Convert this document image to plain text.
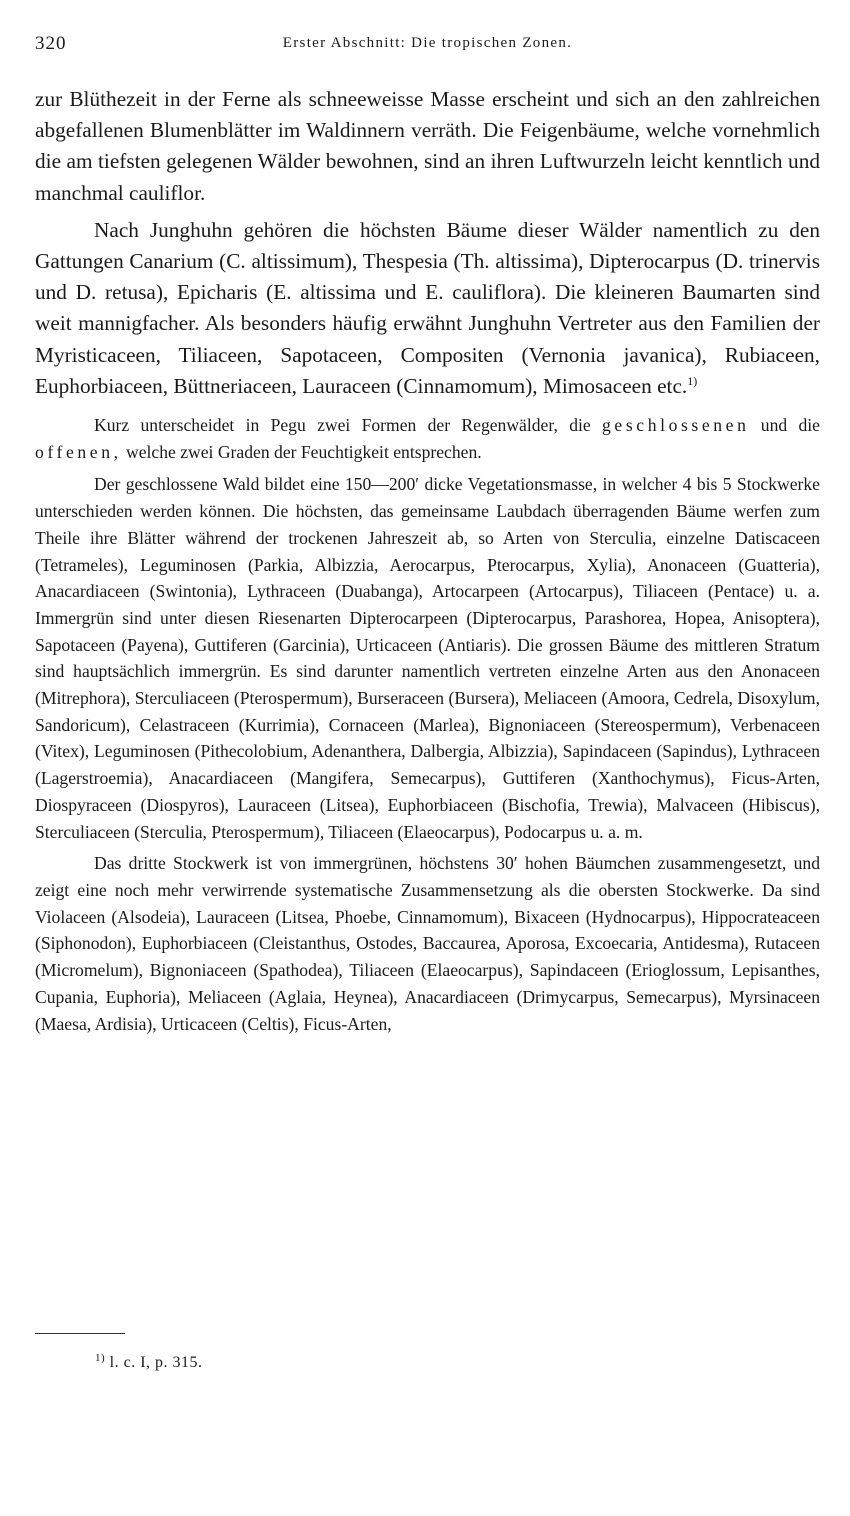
320	Erster Abschnitt: Die tropischen Zonen.

zur Blüthezeit in der Ferne als schneeweisse Masse erscheint und sich an den zahlreichen abgefallenen Blumenblätter im Waldinnern verräth. Die Feigenbäume, welche vornehmlich die am tiefsten gelegenen Wälder bewohnen, sind an ihren Luftwurzeln leicht kenntlich und manchmal cauliflor.

Nach Junghuhn gehören die höchsten Bäume dieser Wälder namentlich zu den Gattungen Canarium (C. altissimum), Thespesia (Th. altissima), Dipterocarpus (D. trinervis und D. retusa), Epicharis (E. altissima und E. cauliflora). Die kleineren Baumarten sind weit mannigfacher. Als besonders häufig erwähnt Junghuhn Vertreter aus den Familien der Myristicaceen, Tiliaceen, Sapotaceen, Compositen (Vernonia javanica), Rubiaceen, Euphorbiaceen, Büttneriaceen, Lauraceen (Cinnamomum), Mimosaceen etc.$^{1)}$

Kurz unterscheidet in Pegu zwei Formen der Regenwälder, die geschlossenen und die offenen, welche zwei Graden der Feuchtigkeit entsprechen.

Der geschlossene Wald bildet eine 150—200′ dicke Vegetationsmasse, in welcher 4 bis 5 Stockwerke unterschieden werden können. Die höchsten, das gemeinsame Laubdach überragenden Bäume werfen zum Theile ihre Blätter während der trockenen Jahreszeit ab, so Arten von Sterculia, einzelne Datiscaceen (Tetrameles), Leguminosen (Parkia, Albizzia, Aerocarpus, Pterocarpus, Xylia), Anonaceen (Guatteria), Anacardiaceen (Swintonia), Lythraceen (Duabanga), Artocarpeen (Artocarpus), Tiliaceen (Pentace) u. a. Immergrün sind unter diesen Riesenarten Dipterocarpeen (Dipterocarpus, Parashorea, Hopea, Anisoptera), Sapotaceen (Payena), Guttiferen (Garcinia), Urticaceen (Antiaris). Die grossen Bäume des mittleren Stratum sind hauptsächlich immergrün. Es sind darunter namentlich vertreten einzelne Arten aus den Anonaceen (Mitrephora), Sterculiaceen (Pterospermum), Burseraceen (Bursera), Meliaceen (Amoora, Cedrela, Disoxylum, Sandoricum), Celastraceen (Kurrimia), Cornaceen (Marlea), Bignoniaceen (Stereospermum), Verbenaceen (Vitex), Leguminosen (Pithecolobium, Adenanthera, Dalbergia, Albizzia), Sapindaceen (Sapindus), Lythraceen (Lagerstroemia), Anacardiaceen (Mangifera, Semecarpus), Guttiferen (Xanthochymus), Ficus-Arten, Diospyraceen (Diospyros), Lauraceen (Litsea), Euphorbiaceen (Bischofia, Trewia), Malvaceen (Hibiscus), Sterculiaceen (Sterculia, Pterospermum), Tiliaceen (Elaeocarpus), Podocarpus u. a. m.

Das dritte Stockwerk ist von immergrünen, höchstens 30′ hohen Bäumchen zusammengesetzt, und zeigt eine noch mehr verwirrende systematische Zusammensetzung als die obersten Stockwerke. Da sind Violaceen (Alsodeia), Lauraceen (Litsea, Phoebe, Cinnamomum), Bixaceen (Hydnocarpus), Hippocrateaceen (Siphonodon), Euphorbiaceen (Cleistanthus, Ostodes, Baccaurea, Aporosa, Excoecaria, Antidesma), Rutaceen (Micromelum), Bignoniaceen (Spathodea), Tiliaceen (Elaeocarpus), Sapindaceen (Erioglossum, Lepisanthes, Cupania, Euphoria), Meliaceen (Aglaia, Heynea), Anacardiaceen (Drimycarpus, Semecarpus), Myrsinaceen (Maesa, Ardisia), Urticaceen (Celtis), Ficus-Arten,

$^{1)}$ l. c. I, p. 315.
